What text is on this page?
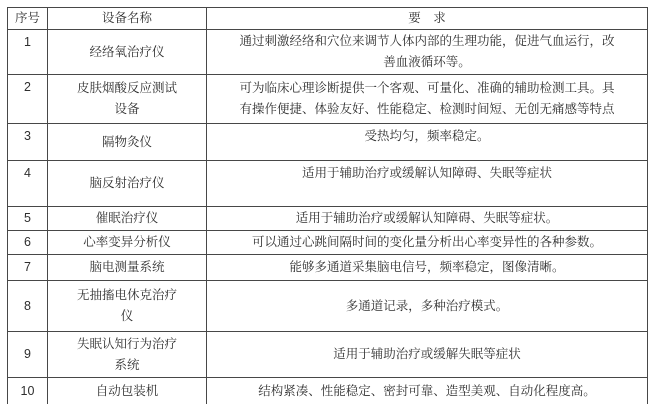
序号	设备名称	要　求
1	经络氧治疗仪	通过刺激经络和穴位来调节人体内部的生理功能，促进气血运行，改善血液循环等。
2	皮肤烟酸反应测试设备	可为临床心理诊断提供一个客观、可量化、准确的辅助检测工具。具有操作便捷、体验友好、性能稳定、检测时间短、无创无痛感等特点
3	隔物灸仪	受热均匀，频率稳定。
4	脑反射治疗仪	适用于辅助治疗或缓解认知障碍、失眠等症状
5	催眠治疗仪	适用于辅助治疗或缓解认知障碍、失眠等症状。
6	心率变异分析仪	可以通过心跳间隔时间的变化量分析出心率变异性的各种参数。
7	脑电测量系统	能够多通道采集脑电信号，频率稳定，图像清晰。
8	无抽搐电休克治疗仪	多通道记录，多种治疗模式。
9	失眠认知行为治疗系统	适用于辅助治疗或缓解失眠等症状
10	自动包装机	结构紧凑、性能稳定、密封可靠、造型美观、自动化程度高。
